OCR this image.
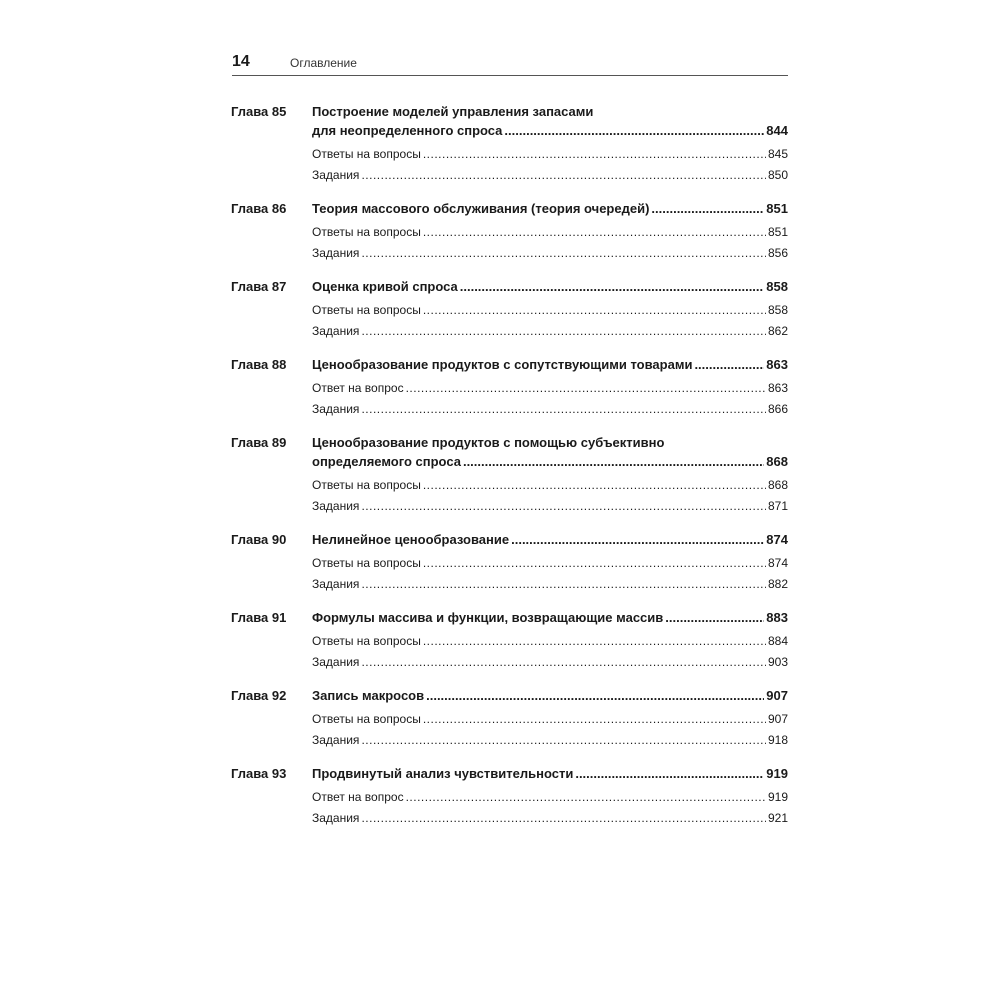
14	Оглавление
Глава 85	Построение моделей управления запасами
для неопределенного спроса .....	844
Ответы на вопросы .....	845
Задания .....	850
Глава 86	Теория массового обслуживания (теория очередей) .....	851
Ответы на вопросы .....	851
Задания .....	856
Глава 87	Оценка кривой спроса .....	858
Ответы на вопросы .....	858
Задания .....	862
Глава 88	Ценообразование продуктов с сопутствующими товарами .....	863
Ответ на вопрос .....	863
Задания .....	866
Глава 89	Ценообразование продуктов с помощью субъективно
определяемого спроса .....	868
Ответы на вопросы .....	868
Задания .....	871
Глава 90	Нелинейное ценообразование .....	874
Ответы на вопросы .....	874
Задания .....	882
Глава 91	Формулы массива и функции, возвращающие массив .....	883
Ответы на вопросы .....	884
Задания .....	903
Глава 92	Запись макросов .....	907
Ответы на вопросы .....	907
Задания .....	918
Глава 93	Продвинутый анализ чувствительности .....	919
Ответ на вопрос .....	919
Задания .....	921
